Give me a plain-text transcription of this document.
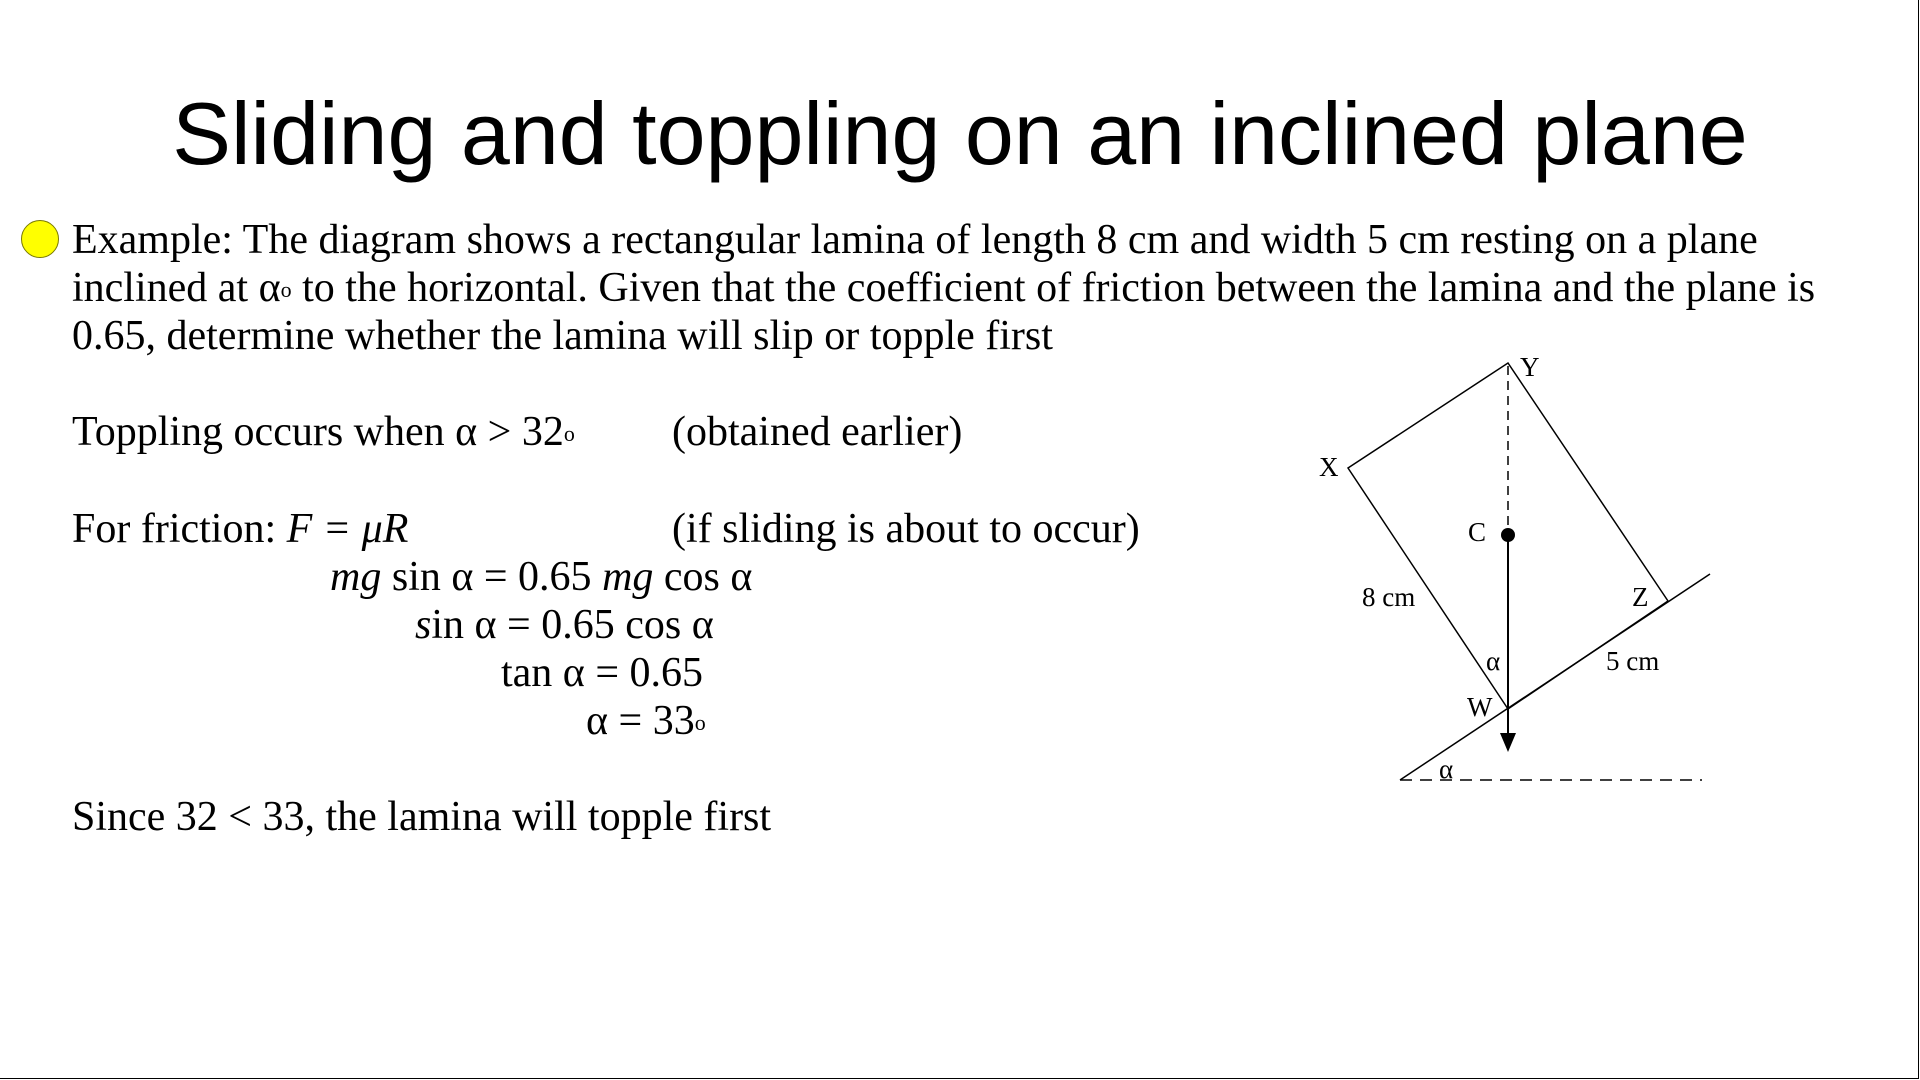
Sliding and toppling on an inclined plane
Example: The diagram shows a rectangular lamina of length 8 cm and width 5 cm resting on a plane
inclined at $\alpha^o$ to the horizontal. Given that the coefficient of friction between the lamina and the plane is
0.65, determine whether the lamina will slip or topple first
Toppling occurs when $\alpha > 32^o$ (obtained earlier)
For friction: F = μR	(if sliding is about to occur)
mg sin α = 0.65 mg cos α
sin α = 0.65 cos α
tan α = 0.65
$\alpha = 33^o$
Since 32 < 33, the lamina will topple first
Y
X
C
8 cm	Z
5 cm
α
W
α
